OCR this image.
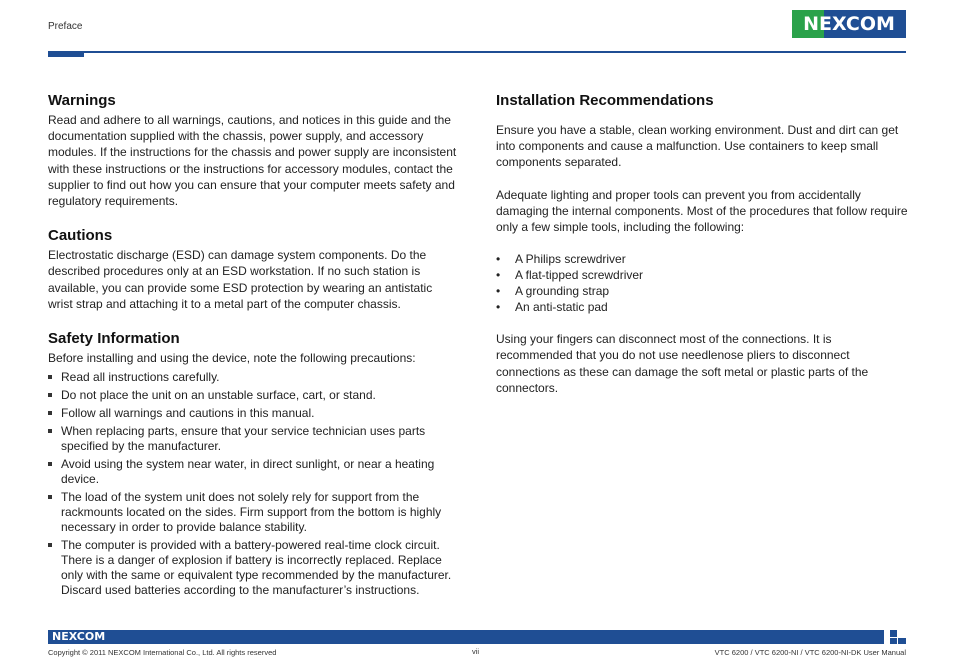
Preface	NEXCOM
Warnings

Read and adhere to all warnings, cautions, and notices in this guide and the documentation supplied with the chassis, power supply, and accessory modules. If the instructions for the chassis and power supply are inconsistent with these instructions or the instructions for accessory modules, contact the supplier to find out how you can ensure that your computer meets safety and regulatory requirements.

Cautions

Electrostatic discharge (ESD) can damage system components. Do the described procedures only at an ESD workstation. If no such station is available, you can provide some ESD protection by wearing an antistatic wrist strap and attaching it to a metal part of the computer chassis.

Safety Information

Before installing and using the device, note the following precautions:

Read all instructions carefully.
Do not place the unit on an unstable surface, cart, or stand.
Follow all warnings and cautions in this manual.
When replacing parts, ensure that your service technician uses parts specified by the manufacturer.
Avoid using the system near water, in direct sunlight, or near a heating device.
The load of the system unit does not solely rely for support from the rackmounts located on the sides. Firm support from the bottom is highly necessary in order to provide balance stability.
The computer is provided with a battery-powered real-time clock circuit. There is a danger of explosion if battery is incorrectly replaced. Replace only with the same or equivalent type recommended by the manufacturer. Discard used batteries according to the manufacturer’s instructions.
Installation Recommendations

Ensure you have a stable, clean working environment. Dust and dirt can get into components and cause a malfunction. Use containers to keep small components separated.

Adequate lighting and proper tools can prevent you from accidentally damaging the internal components. Most of the procedures that follow require only a few simple tools, including the following:

• A Philips screwdriver
• A flat-tipped screwdriver
• A grounding strap
• An anti-static pad

Using your fingers can disconnect most of the connections. It is recommended that you do not use needlenose pliers to disconnect connections as these can damage the soft metal or plastic parts of the connectors.

NEXCOM
Copyright © 2011 NEXCOM International Co., Ltd. All rights reserved	vii	VTC 6200 / VTC 6200-NI / VTC 6200-NI-DK User Manual
